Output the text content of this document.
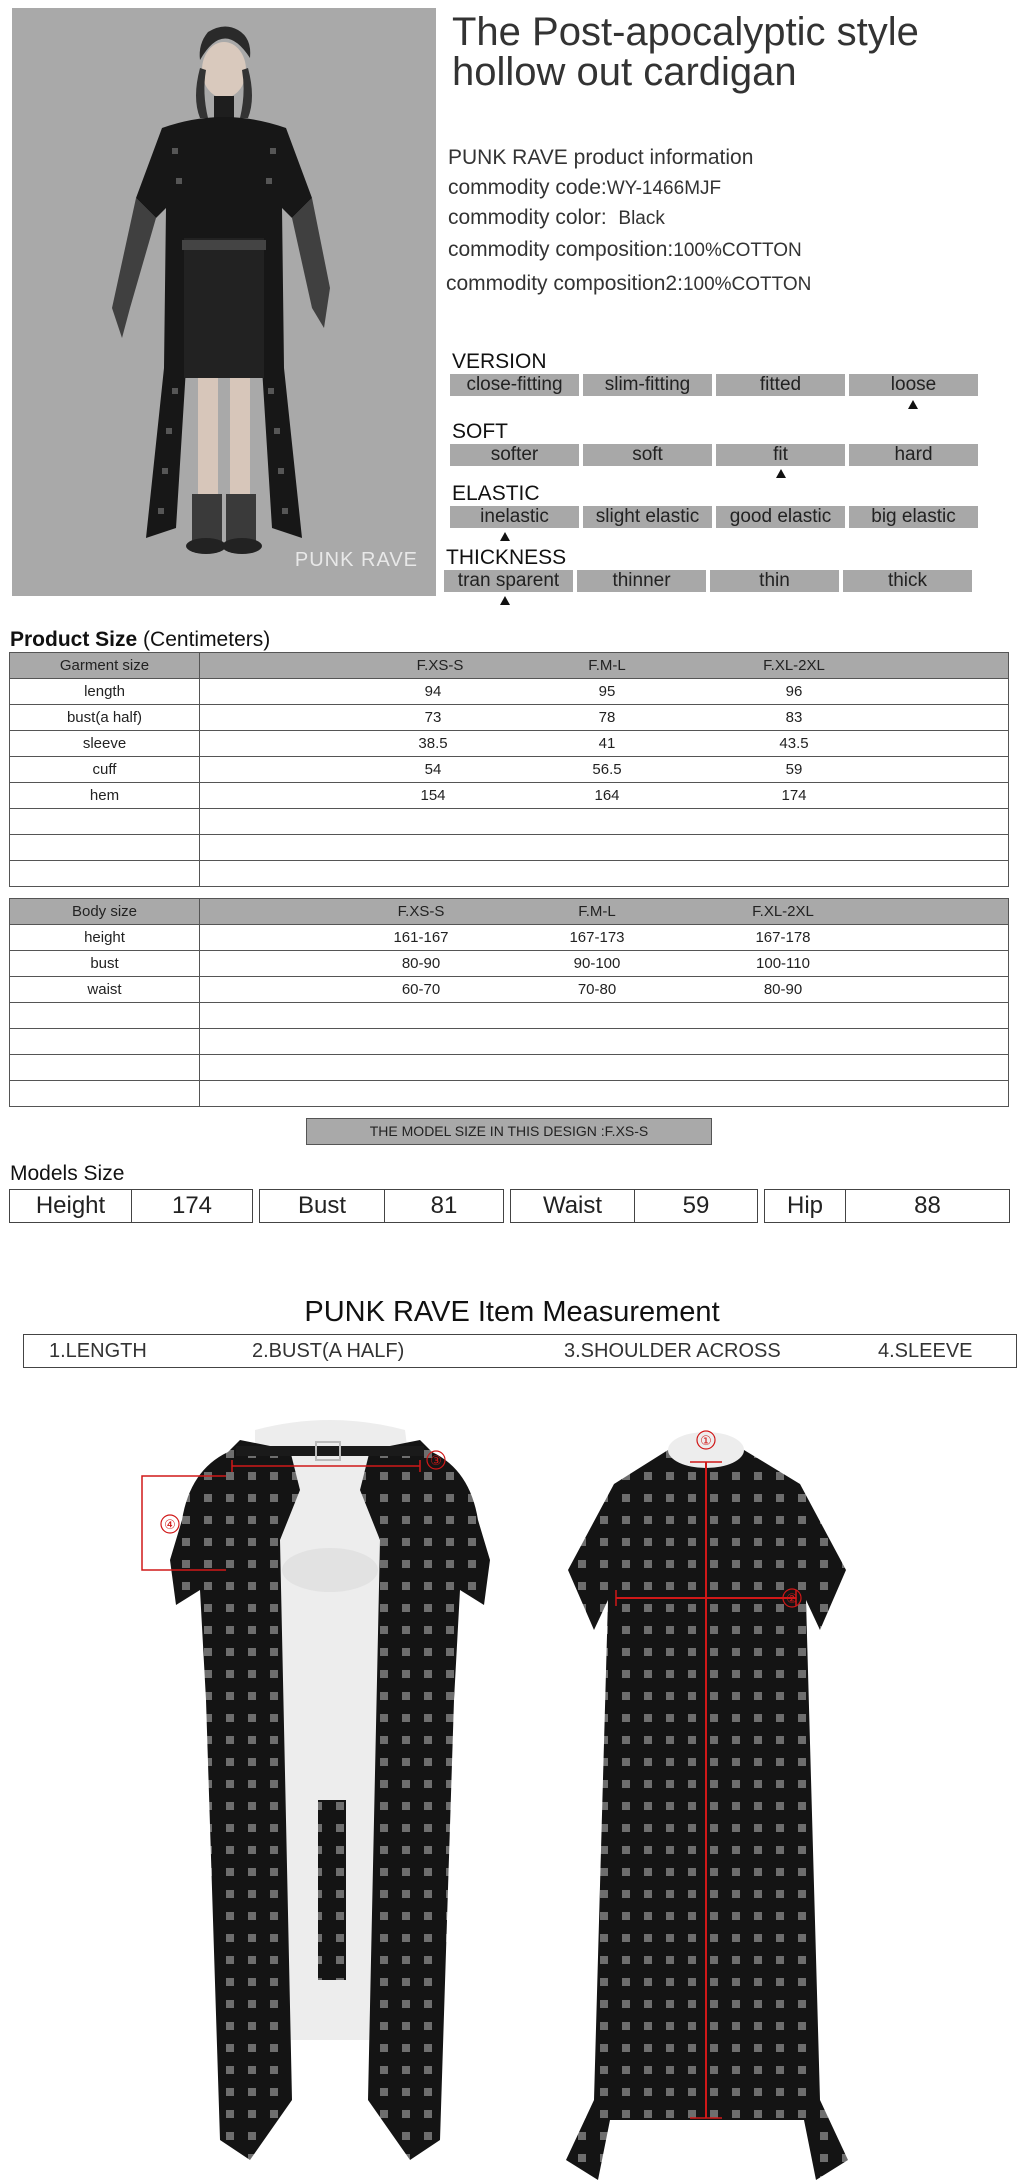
PUNK RAVE
The Post-apocalyptic style hollow out cardigan
PUNK RAVE product information
commodity code:WY-1466MJF
commodity color: Black
commodity composition:100%COTTON
commodity composition2:100%COTTON
VERSION
close-fitting	slim-fitting	fitted	loose
SOFT
softer	soft	fit	hard
ELASTIC
inelastic	slight elastic	good elastic	big elastic
THICKNESS
tran sparent	thinner	thin	thick
Product Size (Centimeters)
Garment size	F.XS-S F.M-L F.XL-2XL

length	94 95 96

bust(a half)	73 78 83

sleeve	38.5 41 43.5

cuff	54 56.5 59

hem	154 164 174

Body size	F.XS-S F.M-L F.XL-2XL

height	161-167 167-173 167-178

bust	80-90 90-100 100-110

waist	60-70 70-80 80-90

THE MODEL SIZE IN THIS DESIGN :F.XS-S
Models Size
Height	174	Bust	81	Waist	59	Hip	88
PUNK RAVE Item Measurement
1.LENGTH	2.BUST(A HALF)	3.SHOULDER ACROSS	4.SLEEVE
③
④
①
②
